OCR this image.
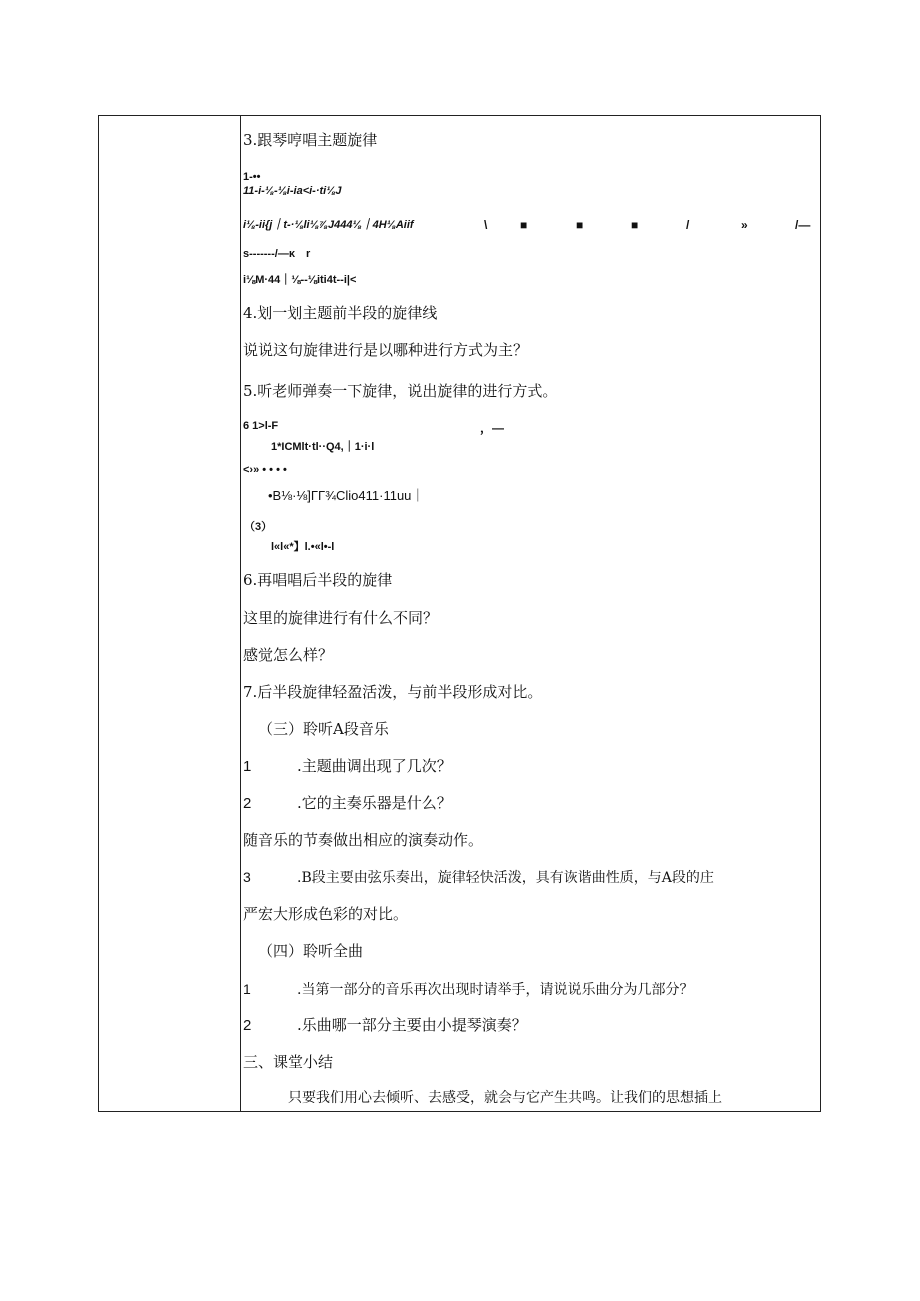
3.跟琴哼唱主题旋律
1-••
11-i-⅛-⅛i-ia<i-·ti⅛J
i⅛-ii{j｜t-·⅛li⅛⅞J444⅛｜4H⅛Aiif	\	■	■	■	/	»	/—
s-------/—κ　r
i⅛M·44｜⅛--⅛iti4t--i|<
4.划一划主题前半段的旋律线
说说这句旋律进行是以哪种进行方式为主？
5.听老师弹奏一下旋律，说出旋律的进行方式。
6 1>l-F	，—
1*ICMlt·tl··Q4,｜1·i·l
<›» • • • •
•B⅛·⅛]ΓΓ¾Clio411·11uu｜
（3）
l«l«*】l.•«l•-l
6.再唱唱后半段的旋律
这里的旋律进行有什么不同？
感觉怎么样？
7.后半段旋律轻盈活泼，与前半段形成对比。
（三）聆听A段音乐
1	.主题曲调出现了几次？
2	.它的主奏乐器是什么？
随音乐的节奏做出相应的演奏动作。
3	.B段主要由弦乐奏出，旋律轻快活泼，具有诙谐曲性质，与A段的庄
严宏大形成色彩的对比。
（四）聆听全曲
1	.当第一部分的音乐再次出现时请举手，请说说乐曲分为几部分？
2	.乐曲哪一部分主要由小提琴演奏？
三、课堂小结
只要我们用心去倾听、去感受，就会与它产生共鸣。让我们的思想插上
